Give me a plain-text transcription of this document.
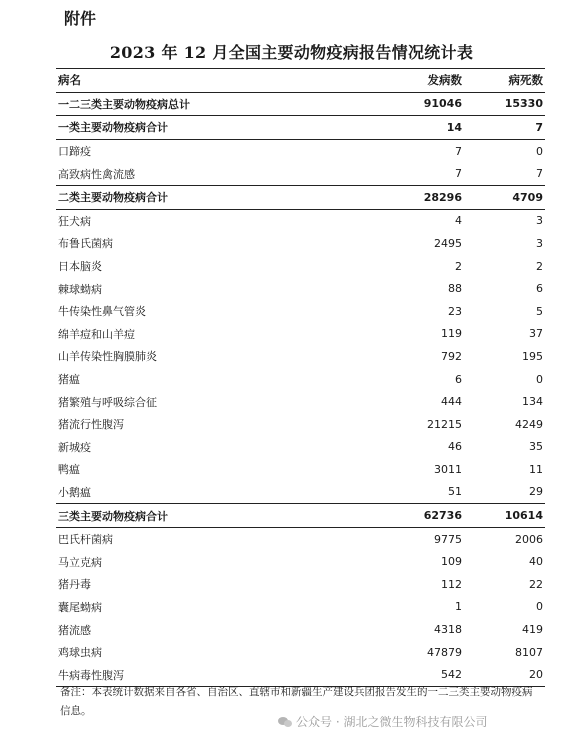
附件
2023 年 12 月全国主要动物疫病报告情况统计表
病名	发病数	病死数
一二三类主要动物疫病总计	91046	15330
一类主要动物疫病合计	14	7
口蹄疫	7	0
高致病性禽流感	7	7
二类主要动物疫病合计	28296	4709
狂犬病	4	3
布鲁氏菌病	2495	3
日本脑炎	2	2
棘球蚴病	88	6
牛传染性鼻气管炎	23	5
绵羊痘和山羊痘	119	37
山羊传染性胸膜肺炎	792	195
猪瘟	6	0
猪繁殖与呼吸综合征	444	134
猪流行性腹泻	21215	4249
新城疫	46	35
鸭瘟	3011	11
小鹅瘟	51	29
三类主要动物疫病合计	62736	10614
巴氏杆菌病	9775	2006
马立克病	109	40
猪丹毒	112	22
囊尾蚴病	1	0
猪流感	4318	419
鸡球虫病	47879	8107
牛病毒性腹泻	542	20
备注：本表统计数据来自各省、自治区、直辖市和新疆生产建设兵团报告发生的一二三类主要动物疫病信息。
公众号 · 湖北之微生物科技有限公司
